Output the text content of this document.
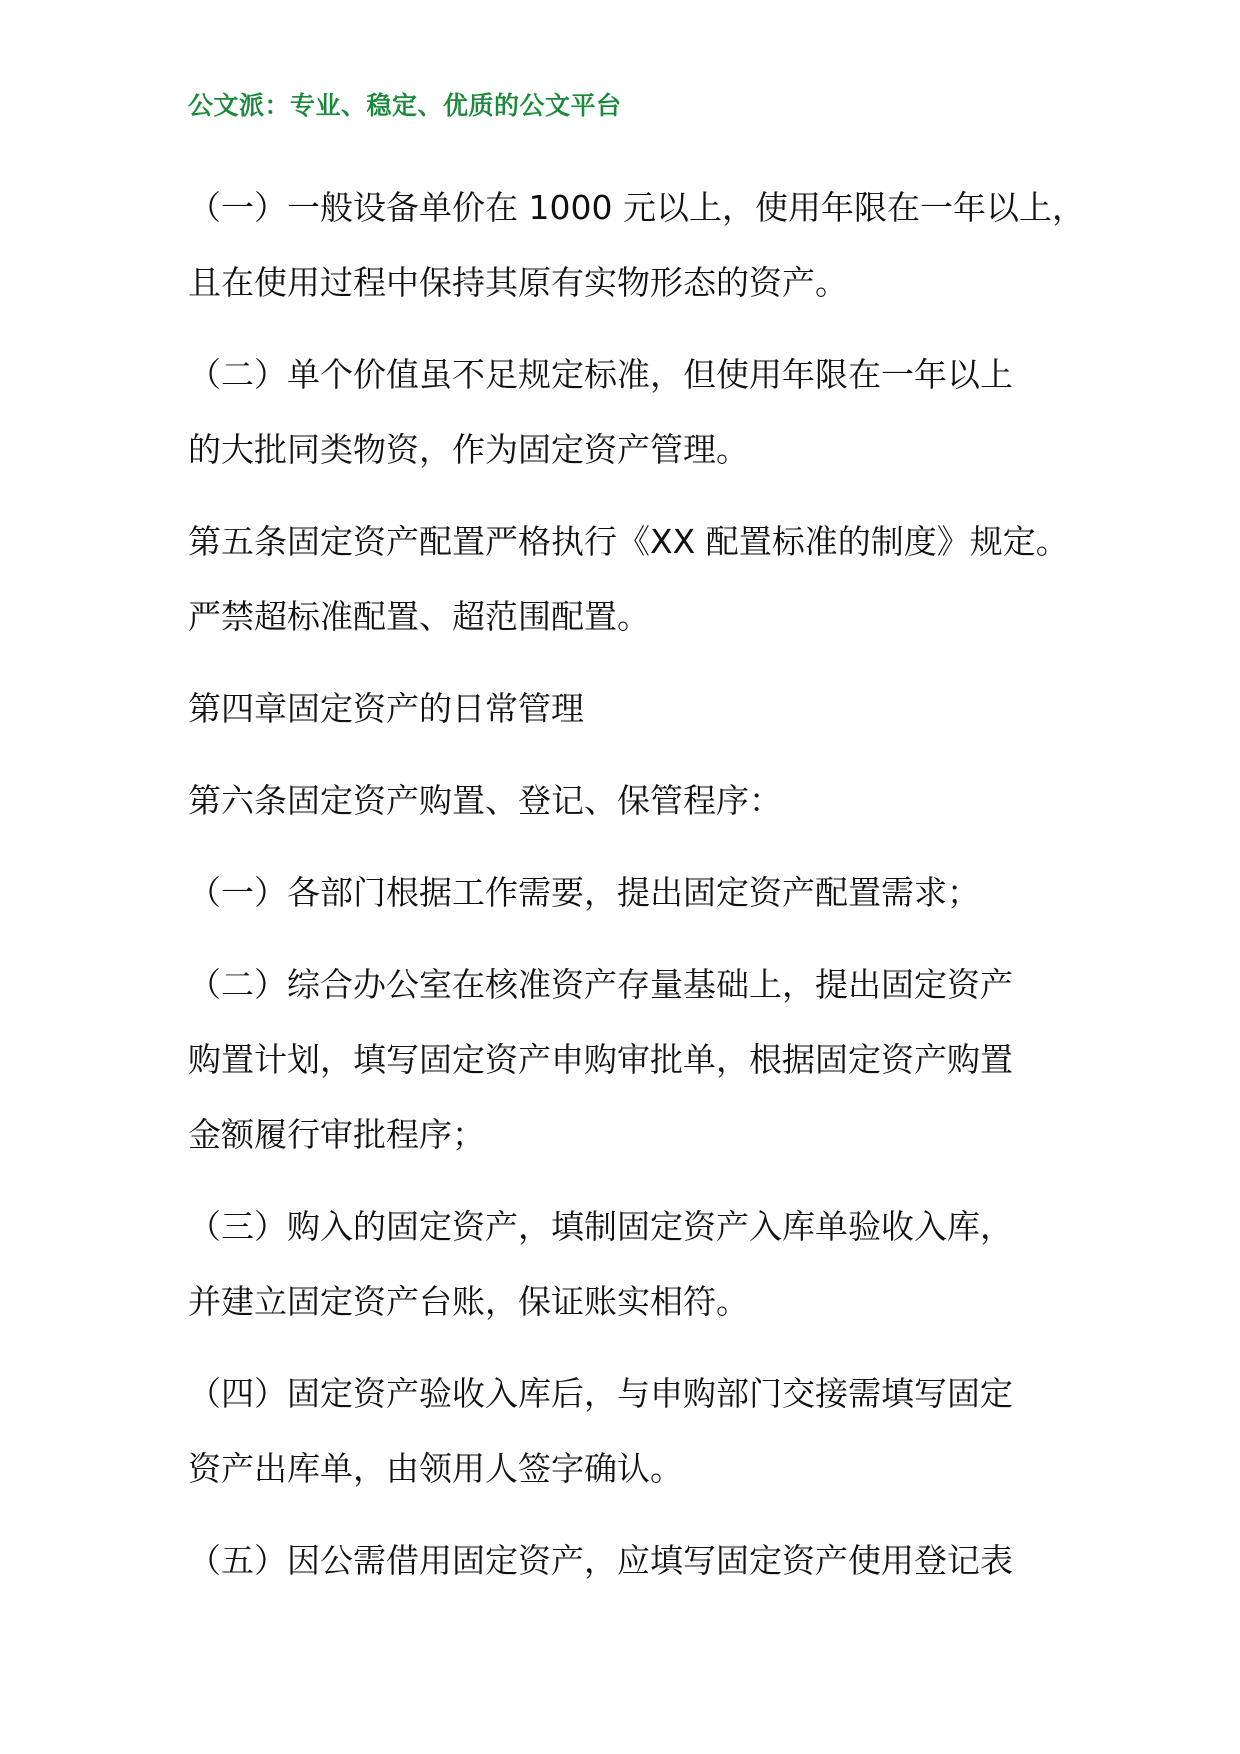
公文派：专业、稳定、优质的公文平台
（一）一般设备单价在 1000 元以上，使用年限在一年以上，
且在使用过程中保持其原有实物形态的资产。
（二）单个价值虽不足规定标准，但使用年限在一年以上
的大批同类物资，作为固定资产管理。
第五条固定资产配置严格执行《XX 配置标准的制度》规定。
严禁超标准配置、超范围配置。
第四章固定资产的日常管理
第六条固定资产购置、登记、保管程序：
（一）各部门根据工作需要，提出固定资产配置需求；
（二）综合办公室在核准资产存量基础上，提出固定资产
购置计划，填写固定资产申购审批单，根据固定资产购置
金额履行审批程序；
（三）购入的固定资产，填制固定资产入库单验收入库，
并建立固定资产台账，保证账实相符。
（四）固定资产验收入库后，与申购部门交接需填写固定
资产出库单，由领用人签字确认。
（五）因公需借用固定资产，应填写固定资产使用登记表
